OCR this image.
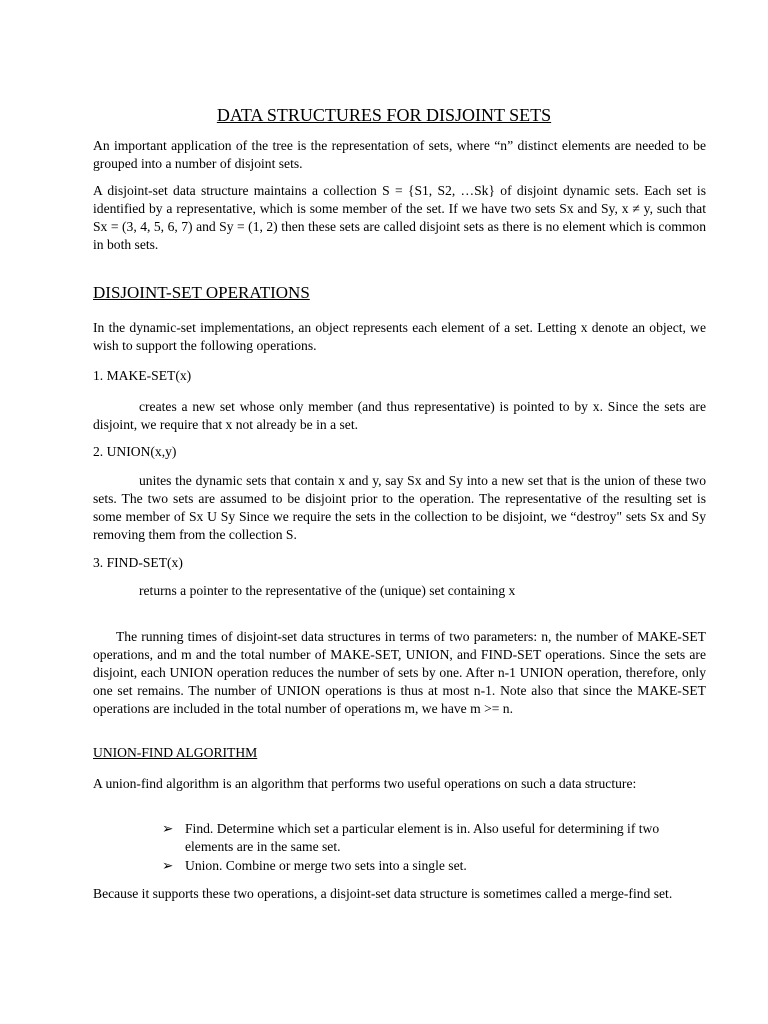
DATA STRUCTURES FOR DISJOINT SETS

An important application of the tree is the representation of sets, where “n” distinct elements are needed to be grouped into a number of disjoint sets.

A disjoint-set data structure maintains a collection S = {S1, S2, …Sk} of disjoint dynamic sets. Each set is identified by a representative, which is some member of the set. If we have two sets Sx and Sy, x ≠ y, such that Sx = (3, 4, 5, 6, 7) and Sy = (1, 2) then these sets are called disjoint sets as there is no element which is common in both sets.

DISJOINT-SET OPERATIONS

In the dynamic-set implementations, an object represents each element of a set. Letting x denote an object, we wish to support the following operations.

1. MAKE-SET(x)

creates a new set whose only member (and thus representative) is pointed to by x. Since the sets are disjoint, we require that x not already be in a set.

2. UNION(x,y)

unites the dynamic sets that contain x and y, say Sx and Sy into a new set that is the union of these two sets. The two sets are assumed to be disjoint prior to the operation. The representative of the resulting set is some member of Sx U Sy Since we require the sets in the collection to be disjoint, we “destroy" sets Sx and Sy removing them from the collection S.

3. FIND-SET(x)

returns a pointer to the representative of the (unique) set containing x

The running times of disjoint-set data structures in terms of two parameters: n, the number of MAKE-SET operations, and m and the total number of MAKE-SET, UNION, and FIND-SET operations. Since the sets are disjoint, each UNION operation reduces the number of sets by one. After n-1 UNION operation, therefore, only one set remains. The number of UNION operations is thus at most n-1. Note also that since the MAKE-SET operations are included in the total number of operations m, we have m >= n.

UNION-FIND ALGORITHM

A union-find algorithm is an algorithm that performs two useful operations on such a data structure:

➢ Find. Determine which set a particular element is in. Also useful for determining if two elements are in the same set.
➢ Union. Combine or merge two sets into a single set.

Because it supports these two operations, a disjoint-set data structure is sometimes called a merge-find set.
